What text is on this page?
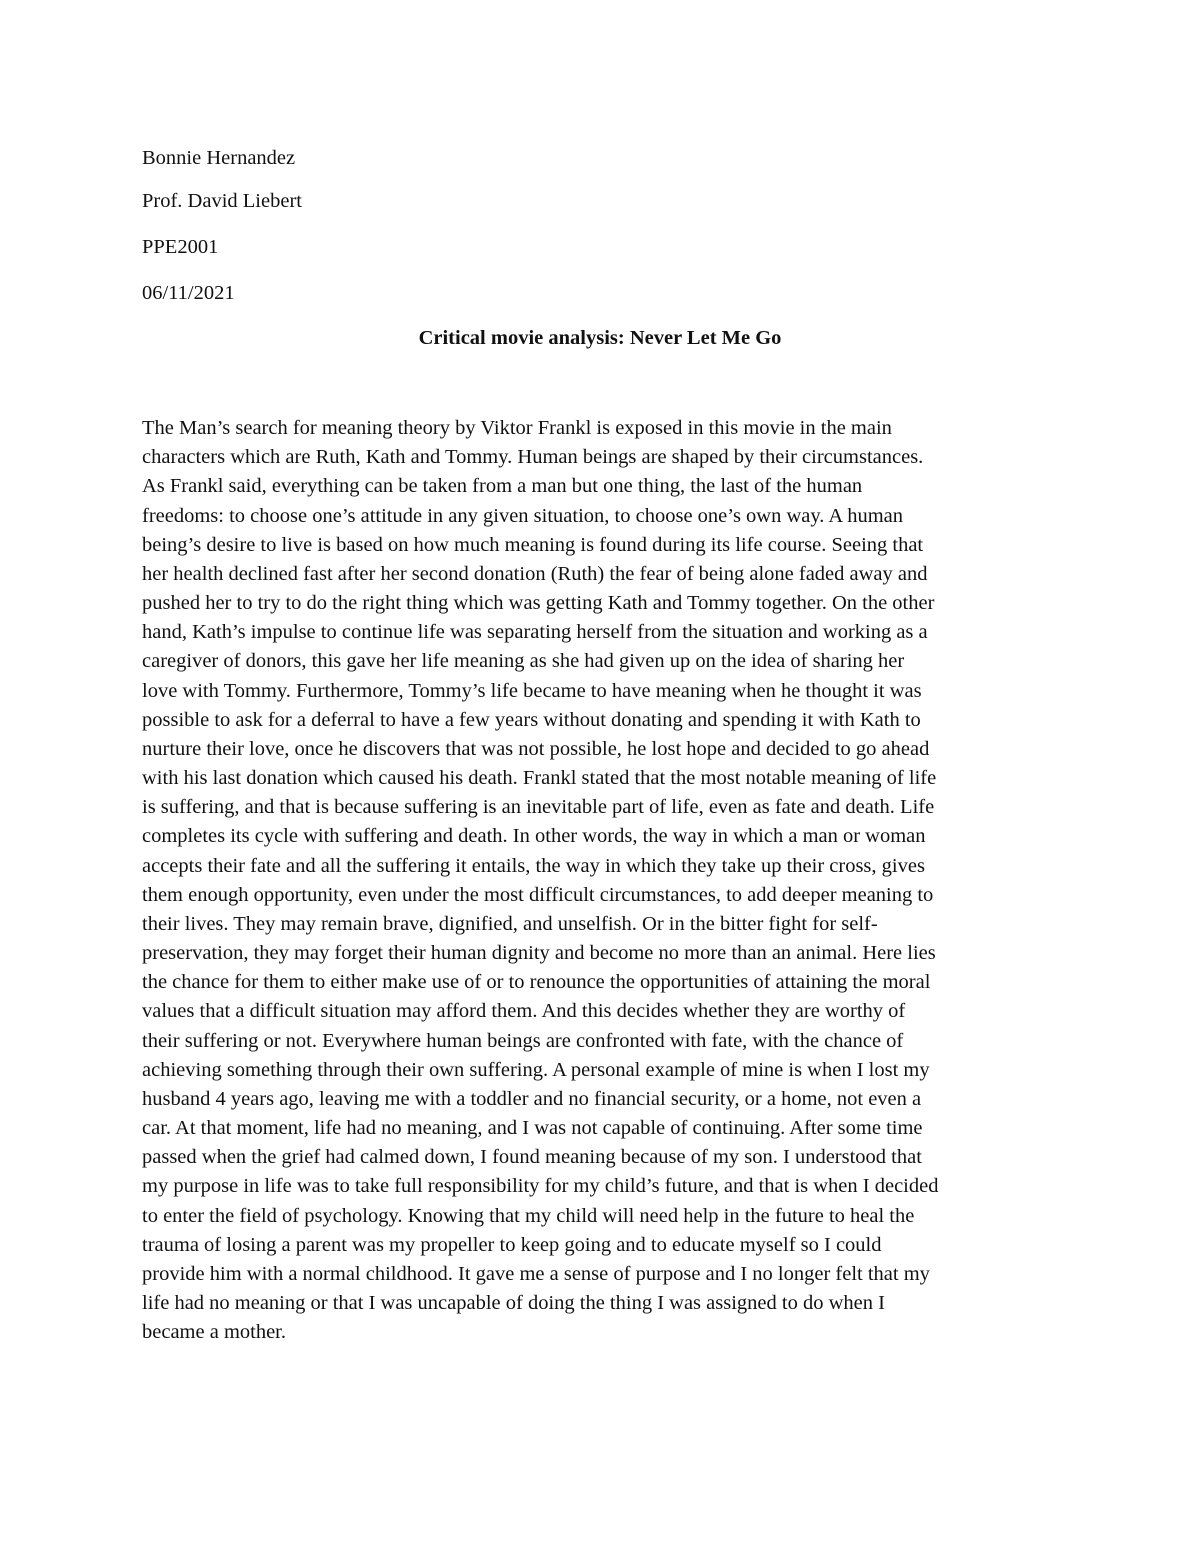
Bonnie Hernandez
Prof. David Liebert
PPE2001
06/11/2021
Critical movie analysis: Never Let Me Go
The Man’s search for meaning theory by Viktor Frankl is exposed in this movie in the main
characters which are Ruth, Kath and Tommy. Human beings are shaped by their circumstances.
As Frankl said, everything can be taken from a man but one thing, the last of the human
freedoms: to choose one’s attitude in any given situation, to choose one’s own way. A human
being’s desire to live is based on how much meaning is found during its life course. Seeing that
her health declined fast after her second donation (Ruth) the fear of being alone faded away and
pushed her to try to do the right thing which was getting Kath and Tommy together. On the other
hand, Kath’s impulse to continue life was separating herself from the situation and working as a
caregiver of donors, this gave her life meaning as she had given up on the idea of sharing her
love with Tommy. Furthermore, Tommy’s life became to have meaning when he thought it was
possible to ask for a deferral to have a few years without donating and spending it with Kath to
nurture their love, once he discovers that was not possible, he lost hope and decided to go ahead
with his last donation which caused his death. Frankl stated that the most notable meaning of life
is suffering, and that is because suffering is an inevitable part of life, even as fate and death. Life
completes its cycle with suffering and death. In other words, the way in which a man or woman
accepts their fate and all the suffering it entails, the way in which they take up their cross, gives
them enough opportunity, even under the most difficult circumstances, to add deeper meaning to
their lives. They may remain brave, dignified, and unselfish. Or in the bitter fight for self-
preservation, they may forget their human dignity and become no more than an animal. Here lies
the chance for them to either make use of or to renounce the opportunities of attaining the moral
values that a difficult situation may afford them. And this decides whether they are worthy of
their suffering or not. Everywhere human beings are confronted with fate, with the chance of
achieving something through their own suffering. A personal example of mine is when I lost my
husband 4 years ago, leaving me with a toddler and no financial security, or a home, not even a
car. At that moment, life had no meaning, and I was not capable of continuing. After some time
passed when the grief had calmed down, I found meaning because of my son. I understood that
my purpose in life was to take full responsibility for my child’s future, and that is when I decided
to enter the field of psychology. Knowing that my child will need help in the future to heal the
trauma of losing a parent was my propeller to keep going and to educate myself so I could
provide him with a normal childhood. It gave me a sense of purpose and I no longer felt that my
life had no meaning or that I was uncapable of doing the thing I was assigned to do when I
became a mother.
